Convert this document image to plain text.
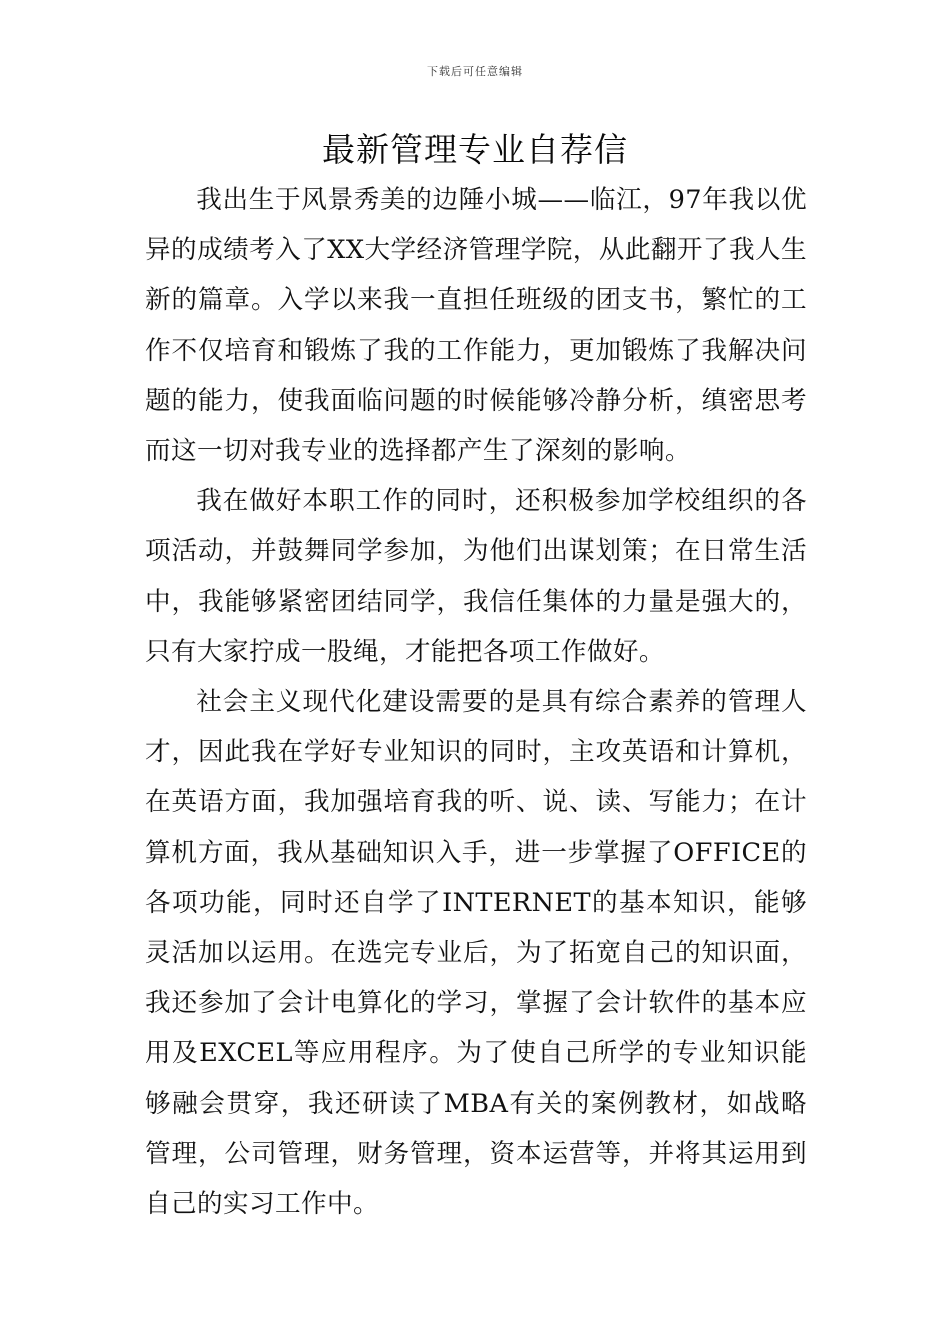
下载后可任意编辑
最新管理专业自荐信

我出生于风景秀美的边陲小城——临江，97年我以优异的成绩考入了XX大学经济管理学院，从此翻开了我人生新的篇章。入学以来我一直担任班级的团支书，繁忙的工作不仅培育和锻炼了我的工作能力，更加锻炼了我解决问题的能力，使我面临问题的时候能够冷静分析，缜密思考而这一切对我专业的选择都产生了深刻的影响。

我在做好本职工作的同时，还积极参加学校组织的各项活动，并鼓舞同学参加，为他们出谋划策；在日常生活中，我能够紧密团结同学，我信任集体的力量是强大的，只有大家拧成一股绳，才能把各项工作做好。

社会主义现代化建设需要的是具有综合素养的管理人才，因此我在学好专业知识的同时，主攻英语和计算机，在英语方面，我加强培育我的听、说、读、写能力；在计算机方面，我从基础知识入手，进一步掌握了OFFICE的各项功能，同时还自学了INTERNET的基本知识，能够灵活加以运用。在选完专业后，为了拓宽自己的知识面，我还参加了会计电算化的学习，掌握了会计软件的基本应用及EXCEL等应用程序。为了使自己所学的专业知识能够融会贯穿，我还研读了MBA有关的案例教材，如战略管理，公司管理，财务管理，资本运营等，并将其运用到自己的实习工作中。
